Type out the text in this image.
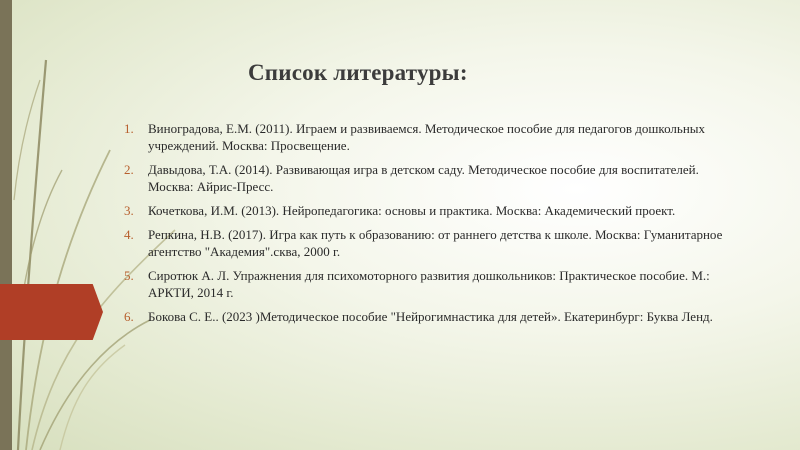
Список литературы:
1.	Виноградова, Е.М. (2011). Играем и развиваемся. Методическое пособие для педагогов дошкольных учреждений. Москва: Просвещение.
2.	Давыдова, Т.А. (2014). Развивающая игра в детском саду. Методическое пособие для воспитателей. Москва: Айрис-Пресс.
3.	Кочеткова, И.М. (2013). Нейропедагогика: основы и практика. Москва: Академический проект.
4.	Репкина, Н.В. (2017). Игра как путь к образованию: от раннего детства к школе. Москва: Гуманитарное агентство "Академия".сква, 2000 г.
5.	Сиротюк А. Л. Упражнения для психомоторного развития дошкольников: Практическое пособие. М.: АРКТИ, 2014 г.
6.	Бокова С. Е.. (2023 )Методическое пособие "Нейрогимнастика для детей». Екатеринбург: Буква Ленд.
